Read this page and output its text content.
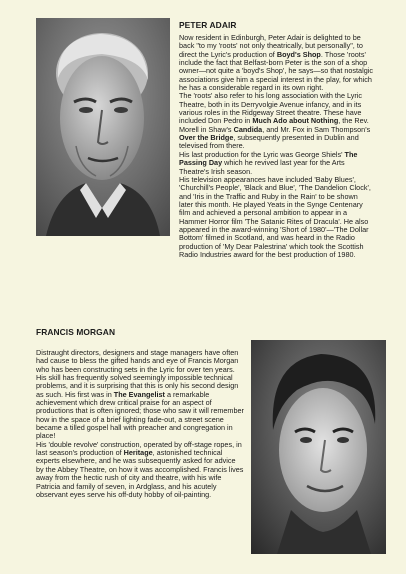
PETER ADAIR

Now resident in Edinburgh, Peter Adair is delighted to be back "to my 'roots' not only theatrically, but personally", to direct the Lyric's production of Boyd's Shop. Those 'roots' include the fact that Belfast-born Peter is the son of a shop owner—not quite a 'boyd's Shop', he says—so that nostalgic associations give him a special interest in the play, for which he has a considerable regard in its own right.

The 'roots' also refer to his long association with the Lyric Theatre, both in its Derryvolgie Avenue infancy, and in its various roles in the Ridgeway Street theatre. These have included Don Pedro in Much Ado about Nothing, the Rev. Morell in Shaw's Candida, and Mr. Fox in Sam Thompson's Over the Bridge, subsequently presented in Dublin and televised from there.

His last production for the Lyric was George Shiels' The Passing Day which he revived last year for the Arts Theatre's Irish season.

His television appearances have included 'Baby Blues', 'Churchill's People', 'Black and Blue', 'The Dandelion Clock', and 'Iris in the Traffic and Ruby in the Rain' to be shown later this month. He played Yeats in the Synge Centenary film and achieved a personal ambition to appear in a Hammer Horror film 'The Satanic Rites of Dracula'. He also appeared in the award-winning 'Short of 1980'—'The Dollar Bottom' filmed in Scotland, and was heard in the Radio production of 'My Dear Palestrina' which took the Scottish Radio Industries award for the best production of 1980.

FRANCIS MORGAN

Distraught directors, designers and stage managers have often had cause to bless the gifted hands and eye of Francis Morgan who has been constructing sets in the Lyric for over ten years. His skill has frequently solved seemingly impossible technical problems, and it is surprising that this is only his second design as such. His first was in The Evangelist a remarkable achievement which drew critical praise for an aspect of productions that is often ignored; those who saw it will remember how in the space of a brief lighting fade-out, a street scene became a tilled gospel hall with preacher and congregation in place!

His 'double revolve' construction, operated by off-stage ropes, in last season's production of Heritage, astonished technical experts elsewhere, and he was subsequently asked for advice by the Abbey Theatre, on how it was accomplished. Francis lives away from the hectic rush of city and theatre, with his wife Patricia and family of seven, in Ardglass, and his acutely observant eyes serve his off-duty hobby of oil-painting.
